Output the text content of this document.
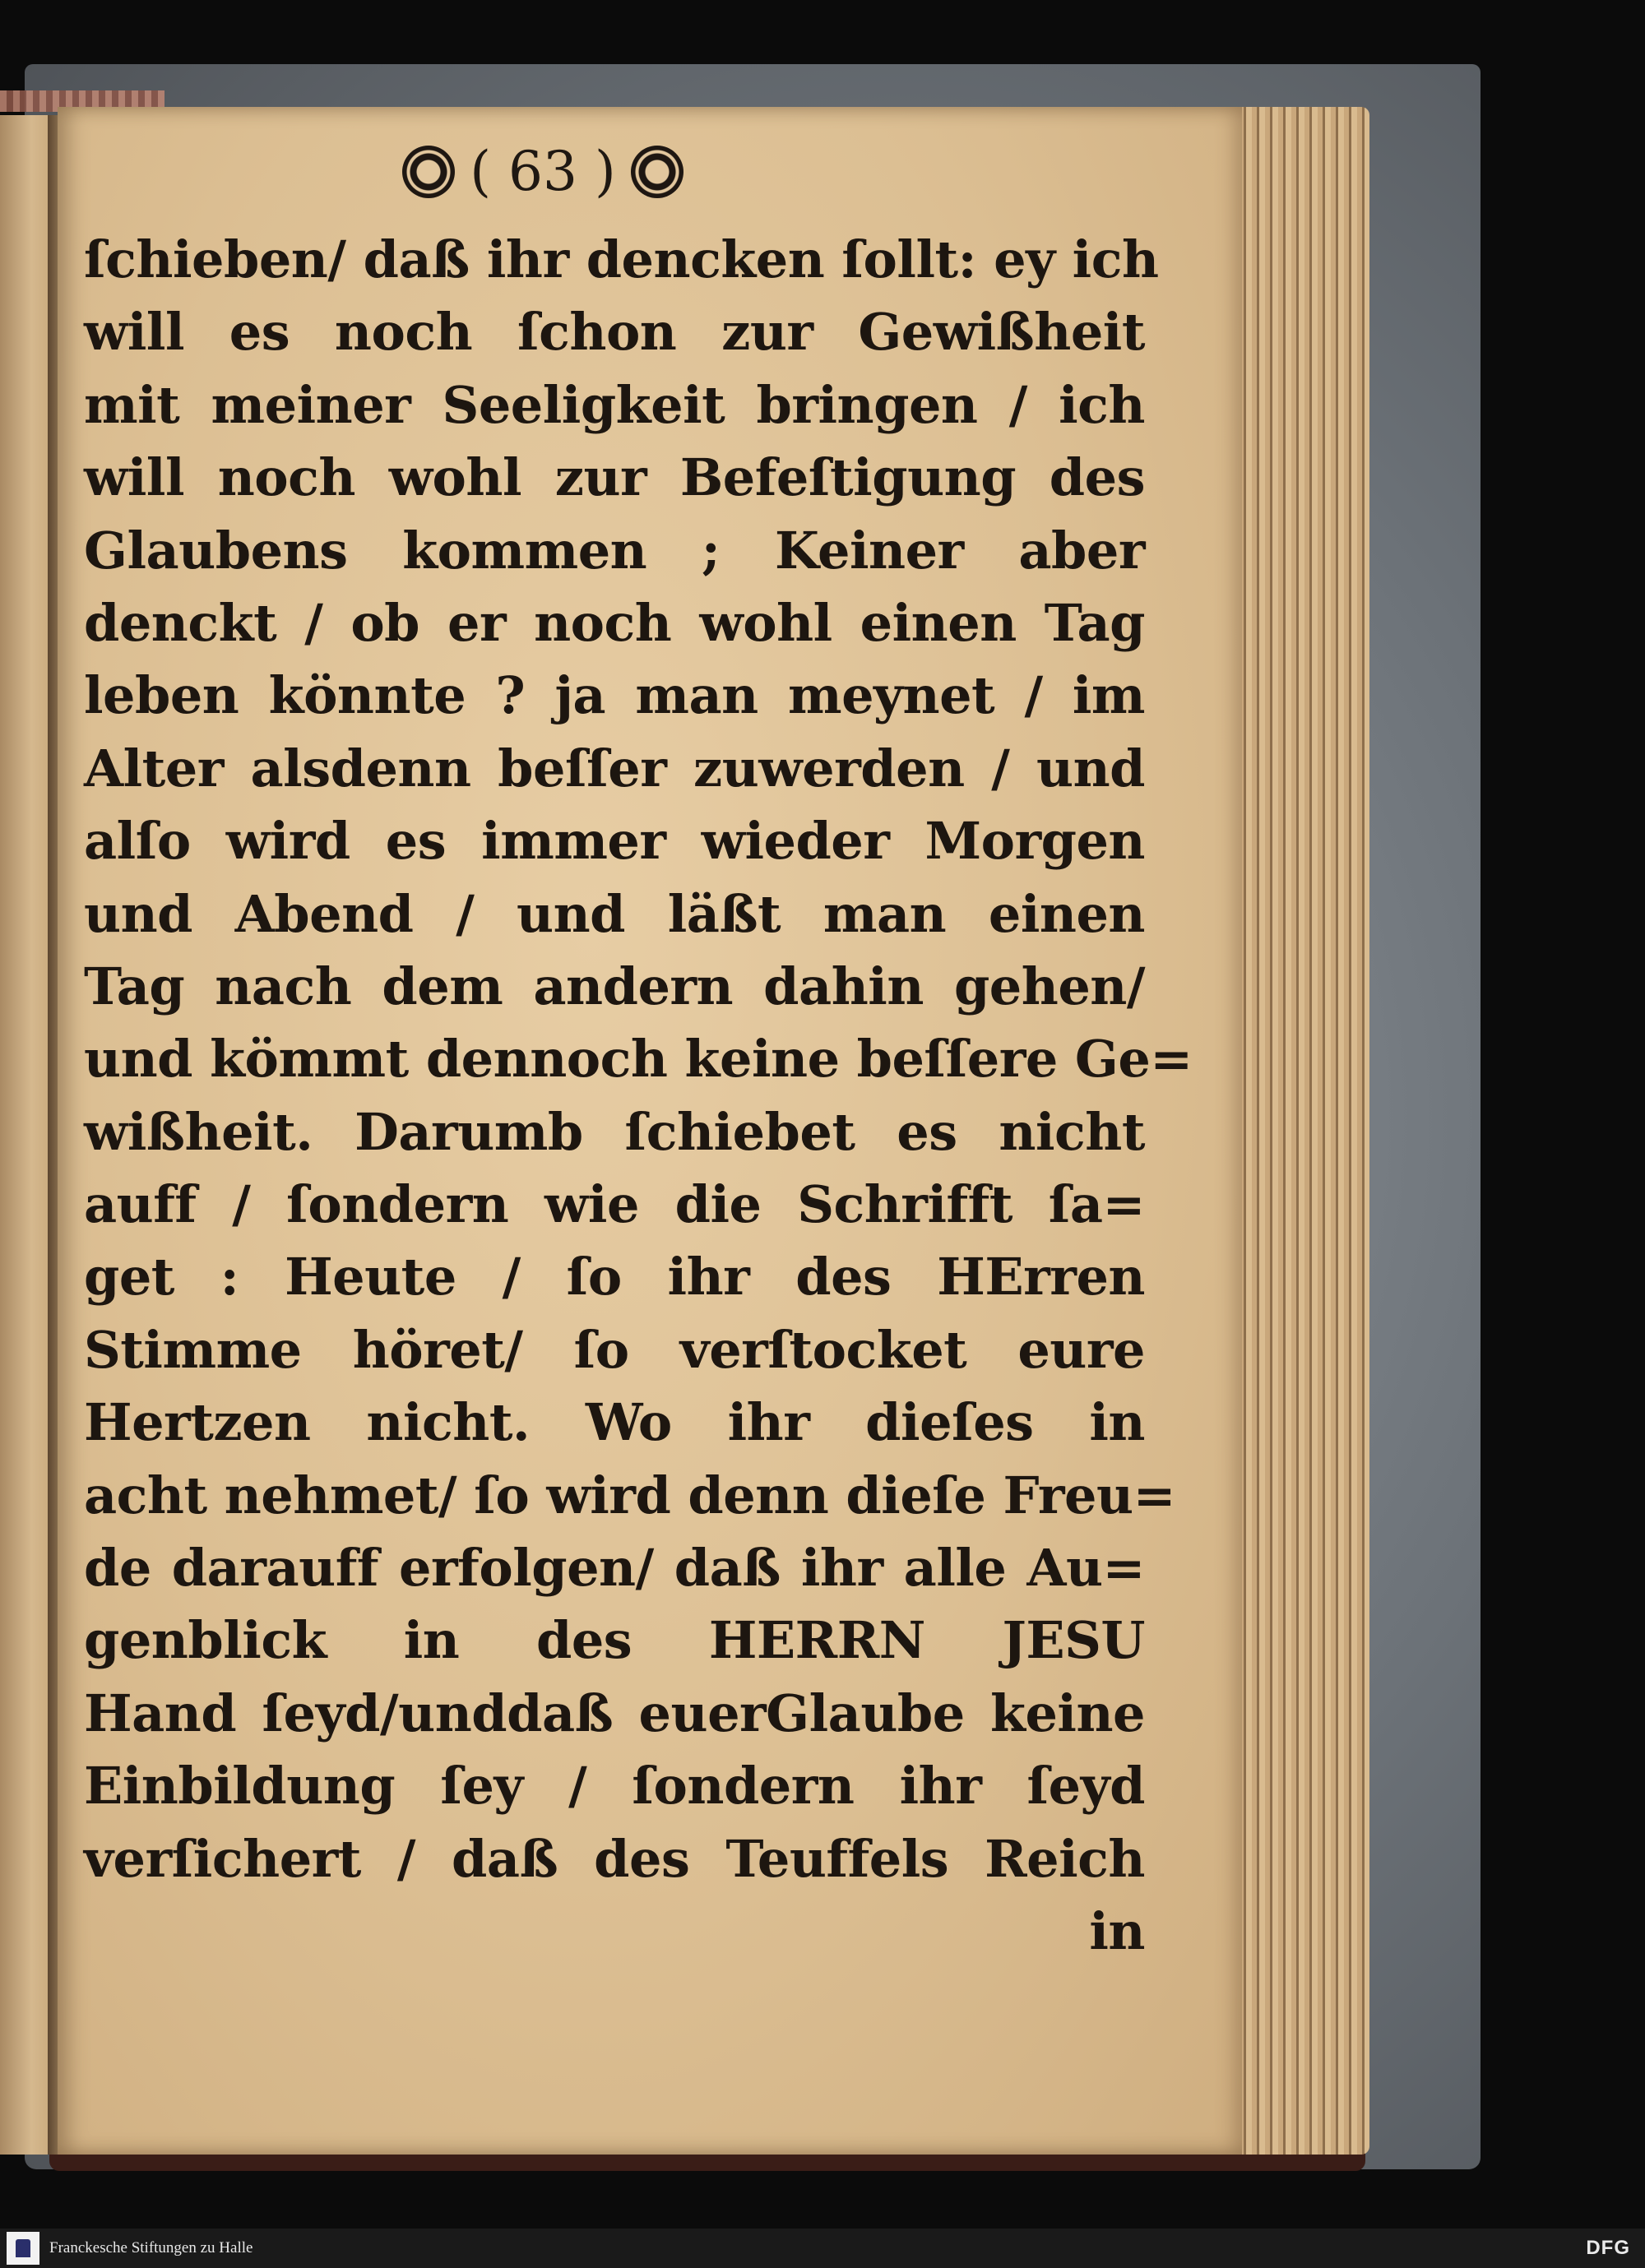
( 63 )
ſchieben/ daß ihr dencken ſollt: ey ich
will es noch ſchon zur Gewißheit
mit meiner Seeligkeit bringen / ich
will noch wohl zur Befeſtigung des
Glaubens kommen ; Keiner aber
denckt / ob er noch wohl einen Tag
leben könnte ? ja man meynet / im
Alter alsdenn beſſer zuwerden / und
alſo wird es immer wieder Morgen
und Abend / und läßt man einen
Tag nach dem andern dahin gehen/
und kömmt dennoch keine beſſere Ge=
wißheit. Darumb ſchiebet es nicht
auff / ſondern wie die Schrifft ſa=
get : Heute / ſo ihr des HErren
Stimme höret/ ſo verſtocket eure
Hertzen nicht. Wo ihr dieſes in
acht nehmet/ ſo wird denn dieſe Freu=
de darauff erfolgen/ daß ihr alle Au=
genblick in des HERRN JESU
Hand ſeyd/unddaß euerGlaube keine
Einbildung ſey / ſondern ihr ſeyd
verſichert / daß des Teuffels Reich
in
Franckesche Stiftungen zu Halle	DFG
